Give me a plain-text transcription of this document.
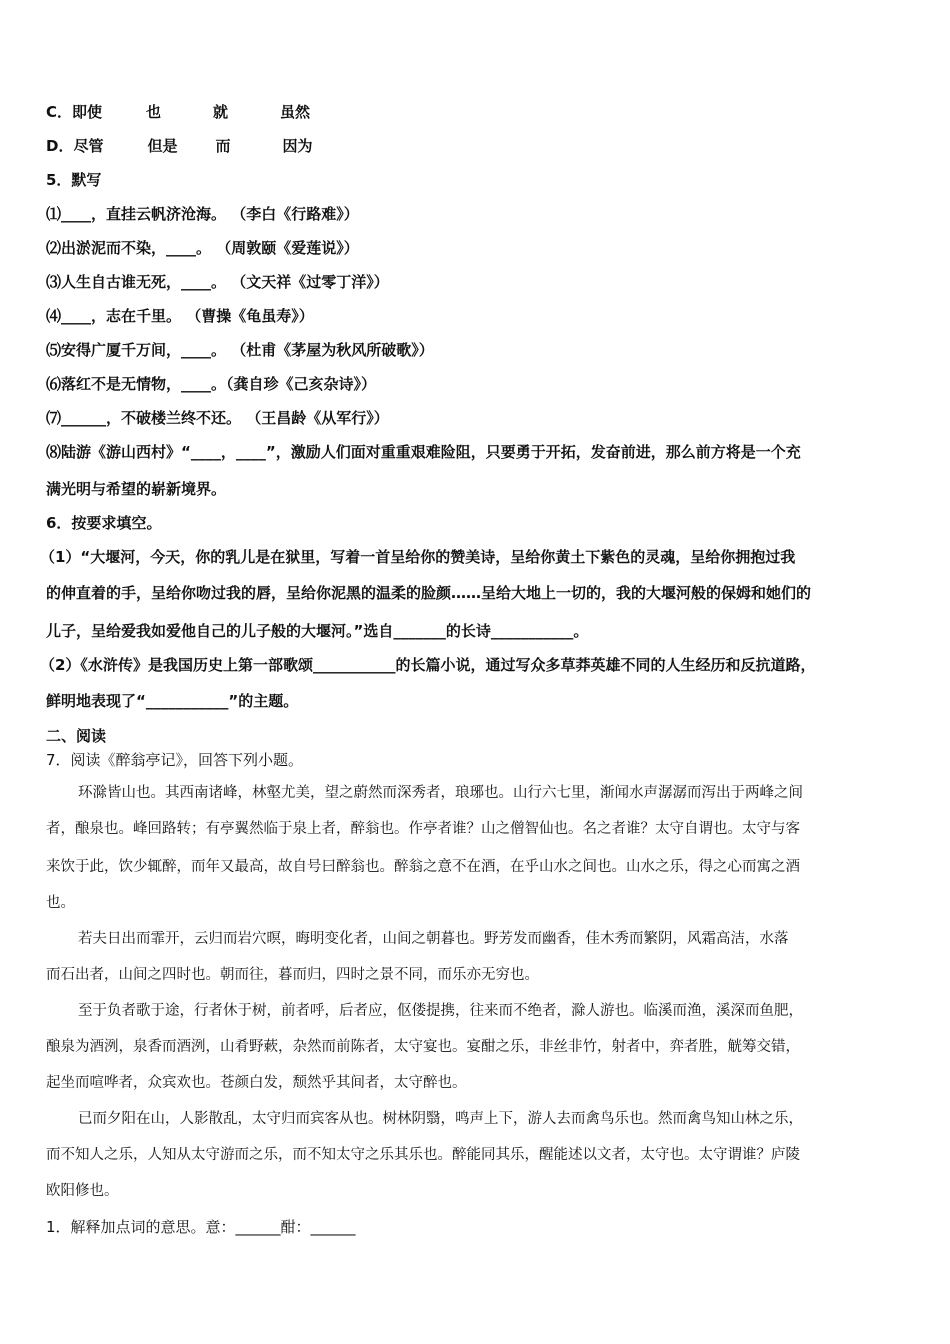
C．即使	也	就	虽然
D．尽管	但是	而	因为
5．默写
⑴____，直挂云帆济沧海。 （李白《行路难》）
⑵出淤泥而不染，____。 （周敦颐《爱莲说》）
⑶人生自古谁无死，____。 （文天祥《过零丁洋》）
⑷____，志在千里。 （曹操《龟虽寿》）
⑸安得广厦千万间，____。 （杜甫《茅屋为秋风所破歌》）
⑹落红不是无情物，____。（龚自珍《己亥杂诗》）
⑺______，不破楼兰终不还。 （王昌龄《从军行》）
⑻陆游《游山西村》“____，____”，激励人们面对重重艰难险阻，只要勇于开拓，发奋前进，那么前方将是一个充
满光明与希望的崭新境界。
6．按要求填空。
（1）“大堰河，今天，你的乳儿是在狱里，写着一首呈给你的赞美诗，呈给你黄土下紫色的灵魂，呈给你拥抱过我
的伸直着的手，呈给你吻过我的唇，呈给你泥黑的温柔的脸颜……呈给大地上一切的，我的大堰河般的保姆和她们的
儿子，呈给爱我如爱他自己的儿子般的大堰河。”选自_______的长诗___________。
（2）《水浒传》是我国历史上第一部歌颂___________的长篇小说，通过写众多草莽英雄不同的人生经历和反抗道路，
鲜明地表现了“___________”的主题。
二、阅读
7．阅读《醉翁亭记》，回答下列小题。
环滁皆山也。其西南诸峰，林壑尤美，望之蔚然而深秀者，琅琊也。山行六七里，渐闻水声潺潺而泻出于两峰之间
者，酿泉也。峰回路转；有亭翼然临于泉上者，醉翁也。作亭者谁？山之僧智仙也。名之者谁？太守自谓也。太守与客
来饮于此，饮少辄醉，而年又最高，故自号曰醉翁也。醉翁之意不在酒，在乎山水之间也。山水之乐，得之心而寓之酒
也。
若夫日出而霏开，云归而岩穴暝，晦明变化者，山间之朝暮也。野芳发而幽香，佳木秀而繁阴，风霜高洁，水落
而石出者，山间之四时也。朝而往，暮而归，四时之景不同，而乐亦无穷也。
至于负者歌于途，行者休于树，前者呼，后者应，伛偻提携，往来而不绝者，滁人游也。临溪而渔，溪深而鱼肥，
酿泉为酒洌，泉香而酒洌，山肴野蔌，杂然而前陈者，太守宴也。宴酣之乐，非丝非竹，射者中，弈者胜，觥筹交错，
起坐而喧哗者，众宾欢也。苍颜白发，颓然乎其间者，太守醉也。
已而夕阳在山，人影散乱，太守归而宾客从也。树林阴翳，鸣声上下，游人去而禽鸟乐也。然而禽鸟知山林之乐，
而不知人之乐，人知从太守游而之乐，而不知太守之乐其乐也。醉能同其乐，醒能述以文者，太守也。太守谓谁？庐陵
欧阳修也。
1．解释加点词的意思。意：______酣：______
